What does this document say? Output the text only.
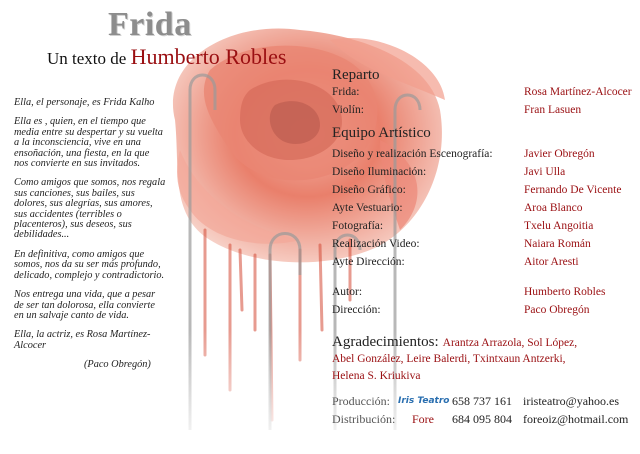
Frida
Un texto de Humberto Robles

Ella, el personaje, es Frida Kalho

Ella es , quien, en el tiempo que media entre su despertar y su vuelta a la inconsciencia, vive en una ensoñación, una fiesta, en la que nos convierte en sus invitados.

Como amigos que somos, nos regala sus canciones, sus bailes, sus dolores, sus alegrías, sus amores, sus accidentes (terribles o placenteros), sus deseos, sus debilidades...

En definitiva, como amigos que somos, nos da su ser más profundo, delicado, complejo y contradictorio.

Nos entrega una vida, que a pesar de ser tan dolorosa, ella convierte en un salvaje canto de vida.

Ella, la actriz, es Rosa Martínez-Alcocer

(Paco Obregón)

Reparto
Frida:	Rosa Martínez-Alcocer
Violín:	Fran Lasuen
Equipo Artístico
Diseño y realización Escenografía:	Javier Obregón
Diseño Iluminación:	Javi Ulla
Diseño Gráfico:	Fernando De Vicente
Ayte Vestuario:	Aroa Blanco
Fotografía:	Txelu Angoitia
Realización Video:	Naiara Román
Ayte Dirección:	Aitor Aresti
Autor:	Humberto Robles
Dirección:	Paco Obregón
Agradecimientos: Arantza Arrazola, Sol López,
Abel González, Leire Balerdi, Txintxaun Antzerki,
Helena S. Kriukiva
Producción: Iris Teatro 658 737 161 iristeatro@yahoo.es
Distribución: Fore 684 095 804 foreoiz@hotmail.com
